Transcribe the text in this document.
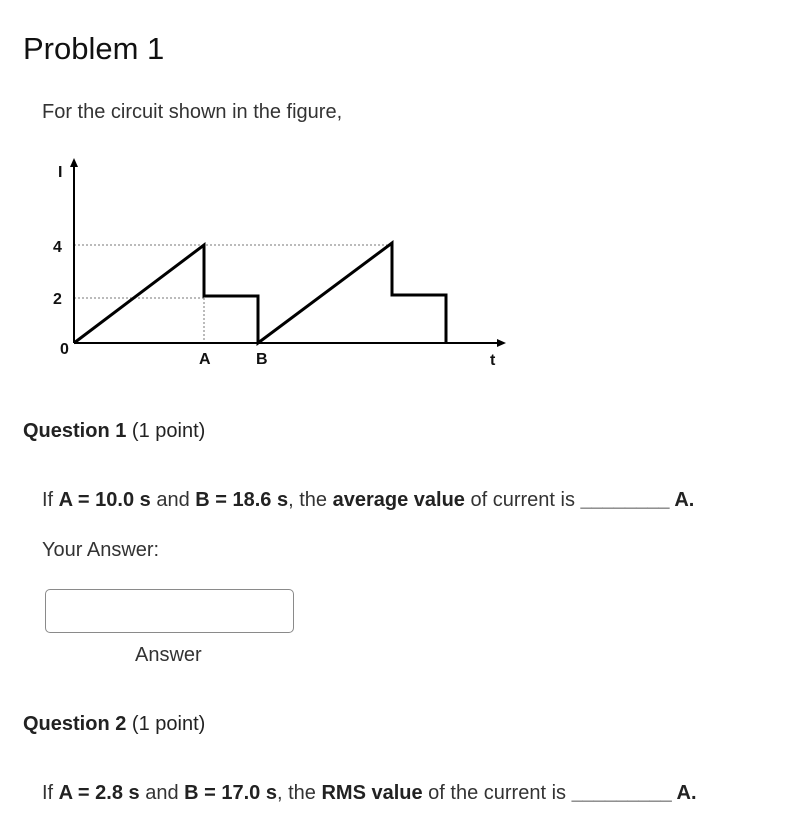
Problem 1
For the circuit shown in the figure,
I
4
2
0
A	B	t
Question 1 (1 point)
If A = 10.0 s and B = 18.6 s, the average value of current is ________ A.
Your Answer:
Answer
Question 2 (1 point)
If A = 2.8 s and B = 17.0 s, the RMS value of the current is _________ A.
